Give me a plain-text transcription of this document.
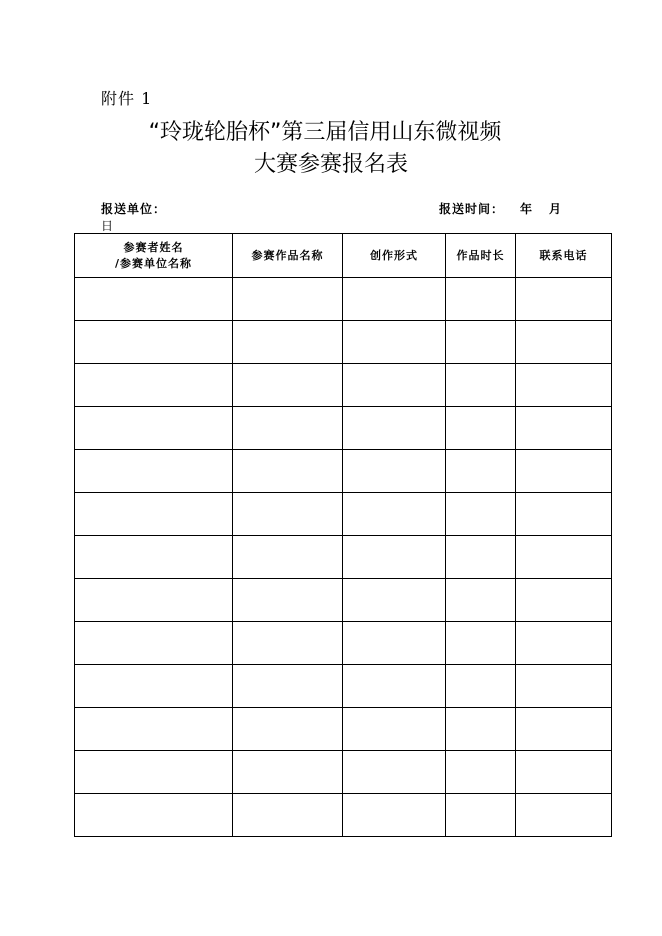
附件 1
“玲珑轮胎杯”第三届信用山东微视频
大赛参赛报名表
报送单位：	报送时间： 年 月
日
参赛者姓名
/参赛单位名称	参赛作品名称	创作形式	作品时长	联系电话
